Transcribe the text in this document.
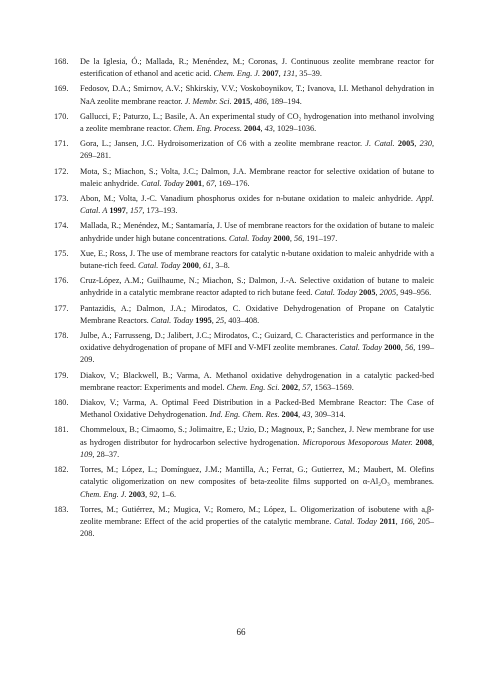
168. De la Iglesia, Ó.; Mallada, R.; Menéndez, M.; Coronas, J. Continuous zeolite membrane reactor for esterification of ethanol and acetic acid. Chem. Eng. J. 2007, 131, 35–39.
169. Fedosov, D.A.; Smirnov, A.V.; Shkirskiy, V.V.; Voskoboynikov, T.; Ivanova, I.I. Methanol dehydration in NaA zeolite membrane reactor. J. Membr. Sci. 2015, 486, 189–194.
170. Gallucci, F.; Paturzo, L.; Basile, A. An experimental study of CO₂ hydrogenation into methanol involving a zeolite membrane reactor. Chem. Eng. Process. 2004, 43, 1029–1036.
171. Gora, L.; Jansen, J.C. Hydroisomerization of C6 with a zeolite membrane reactor. J. Catal. 2005, 230, 269–281.
172. Mota, S.; Miachon, S.; Volta, J.C.; Dalmon, J.A. Membrane reactor for selective oxidation of butane to maleic anhydride. Catal. Today 2001, 67, 169–176.
173. Abon, M.; Volta, J.-C. Vanadium phosphorus oxides for n-butane oxidation to maleic anhydride. Appl. Catal. A 1997, 157, 173–193.
174. Mallada, R.; Menéndez, M.; Santamaría, J. Use of membrane reactors for the oxidation of butane to maleic anhydride under high butane concentrations. Catal. Today 2000, 56, 191–197.
175. Xue, E.; Ross, J. The use of membrane reactors for catalytic n-butane oxidation to maleic anhydride with a butane-rich feed. Catal. Today 2000, 61, 3–8.
176. Cruz-López, A.M.; Guilhaume, N.; Miachon, S.; Dalmon, J.-A. Selective oxidation of butane to maleic anhydride in a catalytic membrane reactor adapted to rich butane feed. Catal. Today 2005, 2005, 949–956.
177. Pantazidis, A.; Dalmon, J.A.; Mirodatos, C. Oxidative Dehydrogenation of Propane on Catalytic Membrane Reactors. Catal. Today 1995, 25, 403–408.
178. Julbe, A.; Farrusseng, D.; Jalibert, J.C.; Mirodatos, C.; Guizard, C. Characteristics and performance in the oxidative dehydrogenation of propane of MFI and V-MFI zeolite membranes. Catal. Today 2000, 56, 199–209.
179. Diakov, V.; Blackwell, B.; Varma, A. Methanol oxidative dehydrogenation in a catalytic packed-bed membrane reactor: Experiments and model. Chem. Eng. Sci. 2002, 57, 1563–1569.
180. Diakov, V.; Varma, A. Optimal Feed Distribution in a Packed-Bed Membrane Reactor: The Case of Methanol Oxidative Dehydrogenation. Ind. Eng. Chem. Res. 2004, 43, 309–314.
181. Chommeloux, B.; Cimaomo, S.; Jolimaitre, E.; Uzio, D.; Magnoux, P.; Sanchez, J. New membrane for use as hydrogen distributor for hydrocarbon selective hydrogenation. Microporous Mesoporous Mater. 2008, 109, 28–37.
182. Torres, M.; López, L.; Domínguez, J.M.; Mantilla, A.; Ferrat, G.; Gutierrez, M.; Maubert, M. Olefins catalytic oligomerization on new composites of beta-zeolite films supported on α-Al₂O₃ membranes. Chem. Eng. J. 2003, 92, 1–6.
183. Torres, M.; Gutiérrez, M.; Mugica, V.; Romero, M.; López, L. Oligomerization of isobutene with a,β-zeolite membrane: Effect of the acid properties of the catalytic membrane. Catal. Today 2011, 166, 205–208.
66
